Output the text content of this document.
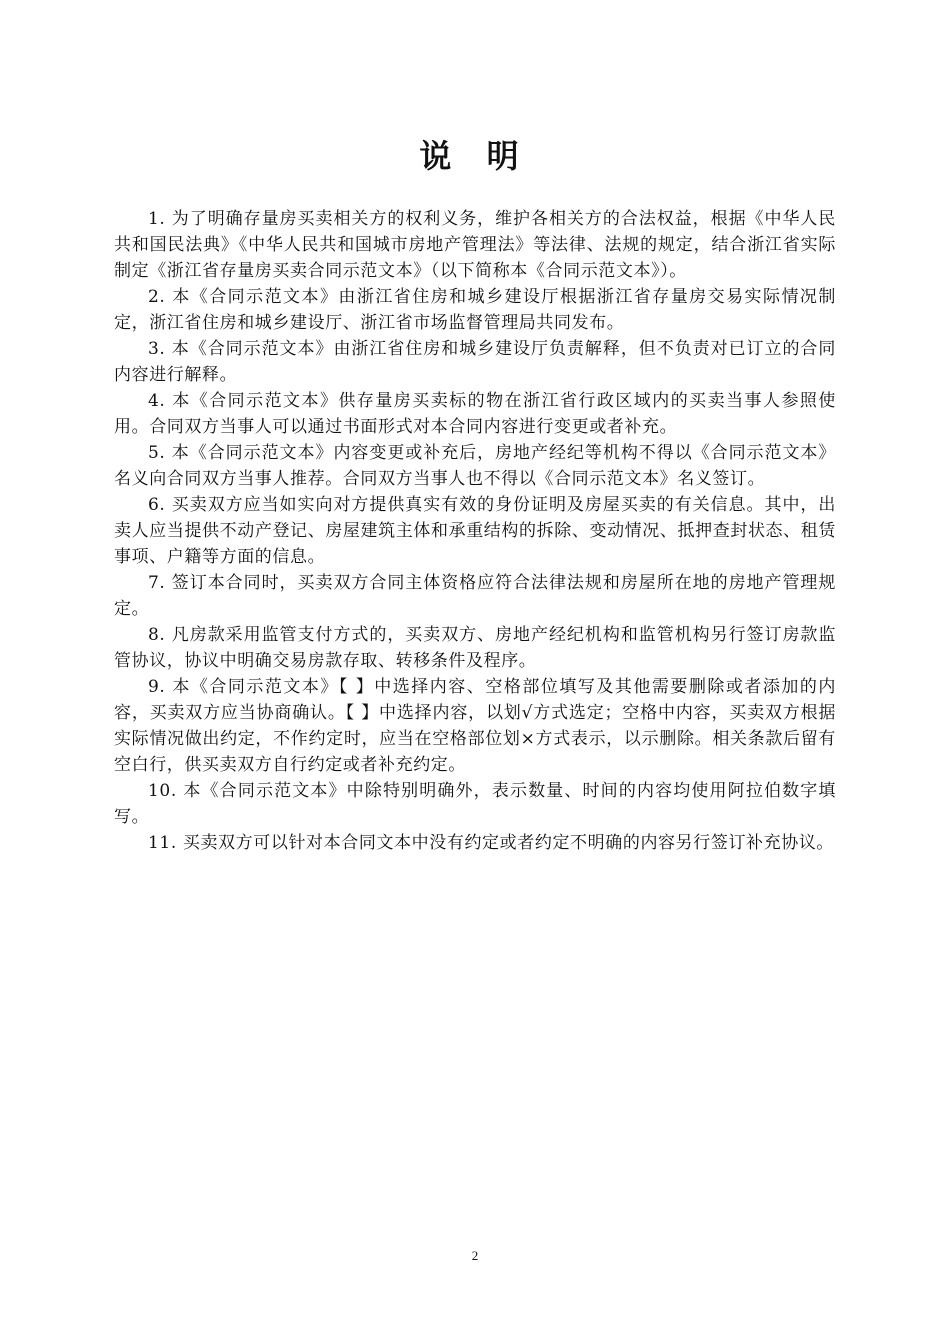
说 明

1. 为了明确存量房买卖相关方的权利义务，维护各相关方的合法权益，根据《中华人民共和国民法典》《中华人民共和国城市房地产管理法》等法律、法规的规定，结合浙江省实际制定《浙江省存量房买卖合同示范文本》（以下简称本《合同示范文本》）。

2. 本《合同示范文本》由浙江省住房和城乡建设厅根据浙江省存量房交易实际情况制定，浙江省住房和城乡建设厅、浙江省市场监督管理局共同发布。

3. 本《合同示范文本》由浙江省住房和城乡建设厅负责解释，但不负责对已订立的合同内容进行解释。

4. 本《合同示范文本》供存量房买卖标的物在浙江省行政区域内的买卖当事人参照使用。合同双方当事人可以通过书面形式对本合同内容进行变更或者补充。

5. 本《合同示范文本》内容变更或补充后，房地产经纪等机构不得以《合同示范文本》名义向合同双方当事人推荐。合同双方当事人也不得以《合同示范文本》名义签订。

6. 买卖双方应当如实向对方提供真实有效的身份证明及房屋买卖的有关信息。其中，出卖人应当提供不动产登记、房屋建筑主体和承重结构的拆除、变动情况、抵押查封状态、租赁事项、户籍等方面的信息。

7. 签订本合同时，买卖双方合同主体资格应符合法律法规和房屋所在地的房地产管理规定。

8. 凡房款采用监管支付方式的，买卖双方、房地产经纪机构和监管机构另行签订房款监管协议，协议中明确交易房款存取、转移条件及程序。

9. 本《合同示范文本》【 】中选择内容、空格部位填写及其他需要删除或者添加的内容，买卖双方应当协商确认。【 】中选择内容，以划√方式选定；空格中内容，买卖双方根据实际情况做出约定，不作约定时，应当在空格部位划×方式表示，以示删除。相关条款后留有空白行，供买卖双方自行约定或者补充约定。

10. 本《合同示范文本》中除特别明确外，表示数量、时间的内容均使用阿拉伯数字填写。

11. 买卖双方可以针对本合同文本中没有约定或者约定不明确的内容另行签订补充协议。

2
